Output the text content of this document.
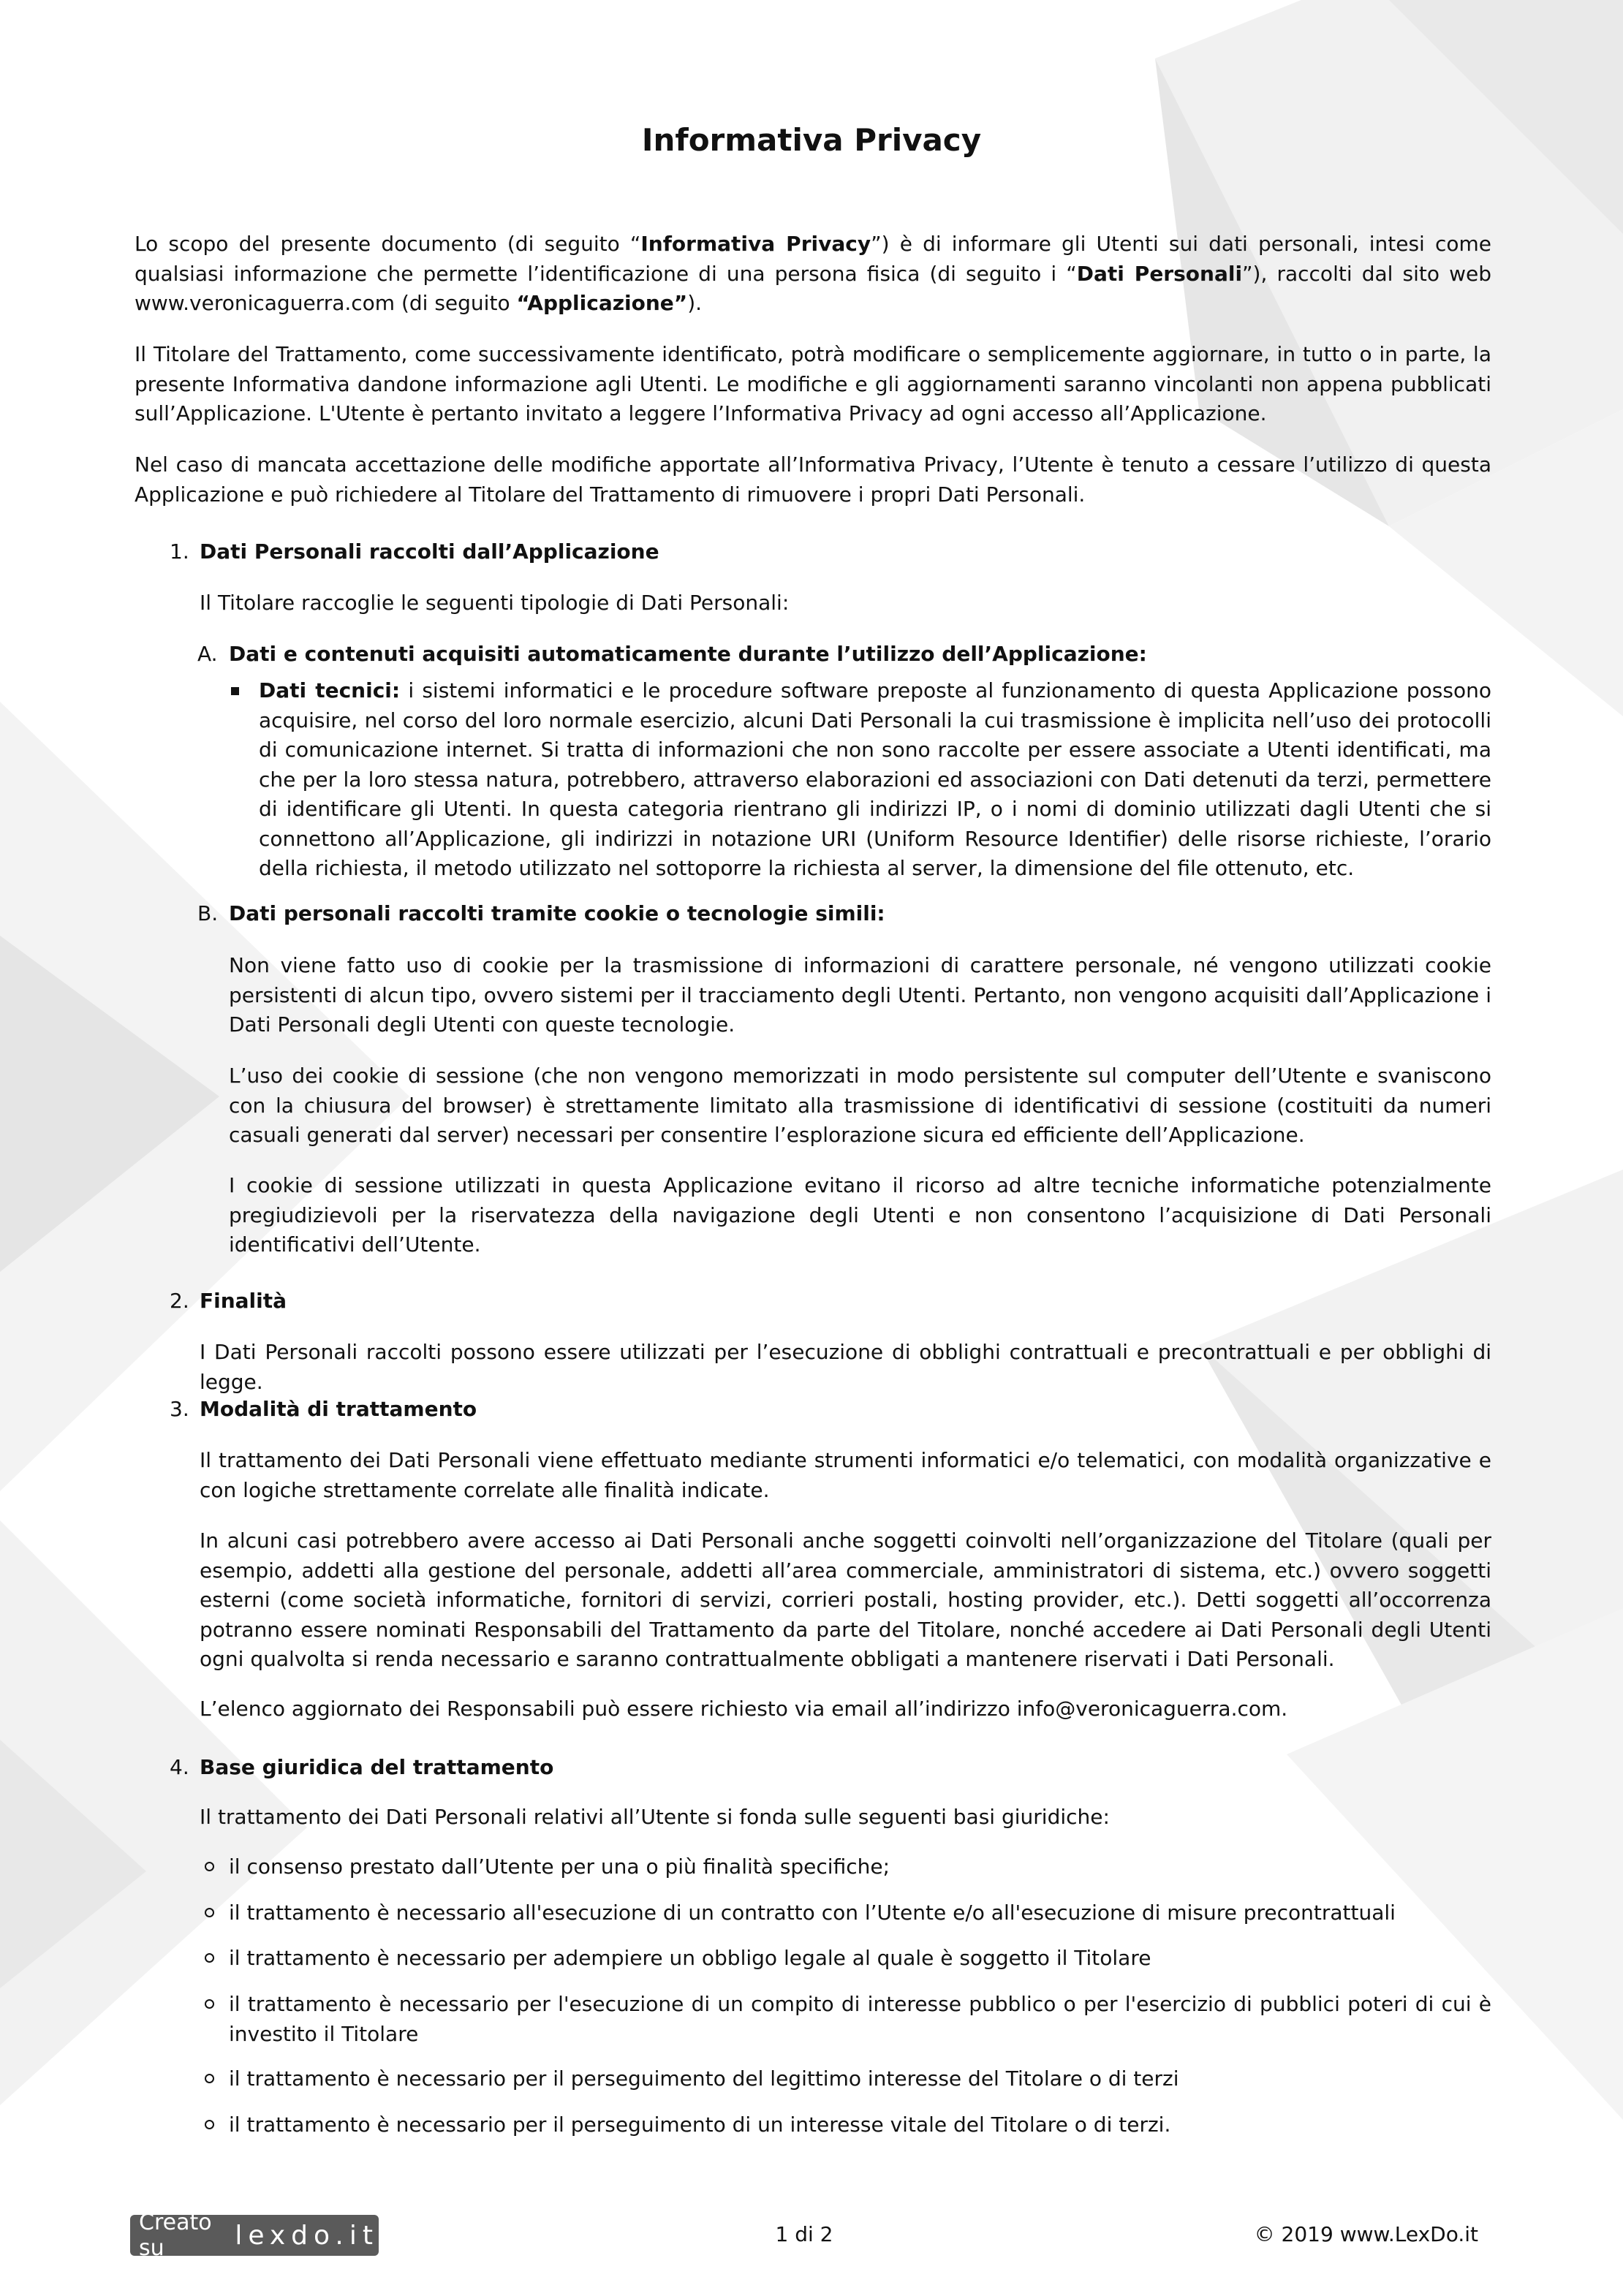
Informativa Privacy

Lo scopo del presente documento (di seguito “Informativa Privacy”) è di informare gli Utenti sui dati personali, intesi come qualsiasi informazione che permette l’identificazione di una persona fisica (di seguito i “Dati Personali”), raccolti dal sito web www.veronicaguerra.com (di seguito “Applicazione”).

Il Titolare del Trattamento, come successivamente identificato, potrà modificare o semplicemente aggiornare, in tutto o in parte, la presente Informativa dandone informazione agli Utenti. Le modifiche e gli aggiornamenti saranno vincolanti non appena pubblicati sull’Applicazione. L'Utente è pertanto invitato a leggere l’Informativa Privacy ad ogni accesso all’Applicazione.

Nel caso di mancata accettazione delle modifiche apportate all’Informativa Privacy, l’Utente è tenuto a cessare l’utilizzo di questa Applicazione e può richiedere al Titolare del Trattamento di rimuovere i propri Dati Personali.

1. Dati Personali raccolti dall’Applicazione

Il Titolare raccoglie le seguenti tipologie di Dati Personali:

A. Dati e contenuti acquisiti automaticamente durante l’utilizzo dell’Applicazione:

Dati tecnici: i sistemi informatici e le procedure software preposte al funzionamento di questa Applicazione possono acquisire, nel corso del loro normale esercizio, alcuni Dati Personali la cui trasmissione è implicita nell’uso dei protocolli di comunicazione internet. Si tratta di informazioni che non sono raccolte per essere associate a Utenti identificati, ma che per la loro stessa natura, potrebbero, attraverso elaborazioni ed associazioni con Dati detenuti da terzi, permettere di identificare gli Utenti. In questa categoria rientrano gli indirizzi IP, o i nomi di dominio utilizzati dagli Utenti che si connettono all’Applicazione, gli indirizzi in notazione URI (Uniform Resource Identifier) delle risorse richieste, l’orario della richiesta, il metodo utilizzato nel sottoporre la richiesta al server, la dimensione del file ottenuto, etc.

B. Dati personali raccolti tramite cookie o tecnologie simili:

Non viene fatto uso di cookie per la trasmissione di informazioni di carattere personale, né vengono utilizzati cookie persistenti di alcun tipo, ovvero sistemi per il tracciamento degli Utenti. Pertanto, non vengono acquisiti dall’Applicazione i Dati Personali degli Utenti con queste tecnologie.

L’uso dei cookie di sessione (che non vengono memorizzati in modo persistente sul computer dell’Utente e svaniscono con la chiusura del browser) è strettamente limitato alla trasmissione di identificativi di sessione (costituiti da numeri casuali generati dal server) necessari per consentire l’esplorazione sicura ed efficiente dell’Applicazione.

I cookie di sessione utilizzati in questa Applicazione evitano il ricorso ad altre tecniche informatiche potenzialmente pregiudizievoli per la riservatezza della navigazione degli Utenti e non consentono l’acquisizione di Dati Personali identificativi dell’Utente.

2. Finalità

I Dati Personali raccolti possono essere utilizzati per l’esecuzione di obblighi contrattuali e precontrattuali e per obblighi di legge.

3. Modalità di trattamento

Il trattamento dei Dati Personali viene effettuato mediante strumenti informatici e/o telematici, con modalità organizzative e con logiche strettamente correlate alle finalità indicate.

In alcuni casi potrebbero avere accesso ai Dati Personali anche soggetti coinvolti nell’organizzazione del Titolare (quali per esempio, addetti alla gestione del personale, addetti all’area commerciale, amministratori di sistema, etc.) ovvero soggetti esterni (come società informatiche, fornitori di servizi, corrieri postali, hosting provider, etc.). Detti soggetti all’occorrenza potranno essere nominati Responsabili del Trattamento da parte del Titolare, nonché accedere ai Dati Personali degli Utenti ogni qualvolta si renda necessario e saranno contrattualmente obbligati a mantenere riservati i Dati Personali.

L’elenco aggiornato dei Responsabili può essere richiesto via email all’indirizzo info@veronicaguerra.com.

4. Base giuridica del trattamento

Il trattamento dei Dati Personali relativi all’Utente si fonda sulle seguenti basi giuridiche:

il consenso prestato dall’Utente per una o più finalità specifiche;

il trattamento è necessario all'esecuzione di un contratto con l’Utente e/o all'esecuzione di misure precontrattuali

il trattamento è necessario per adempiere un obbligo legale al quale è soggetto il Titolare

il trattamento è necessario per l'esecuzione di un compito di interesse pubblico o per l'esercizio di pubblici poteri di cui è investito il Titolare

il trattamento è necessario per il perseguimento del legittimo interesse del Titolare o di terzi

il trattamento è necessario per il perseguimento di un interesse vitale del Titolare o di terzi.

Creato su	lexdo.it	1 di 2	© 2019 www.LexDo.it
